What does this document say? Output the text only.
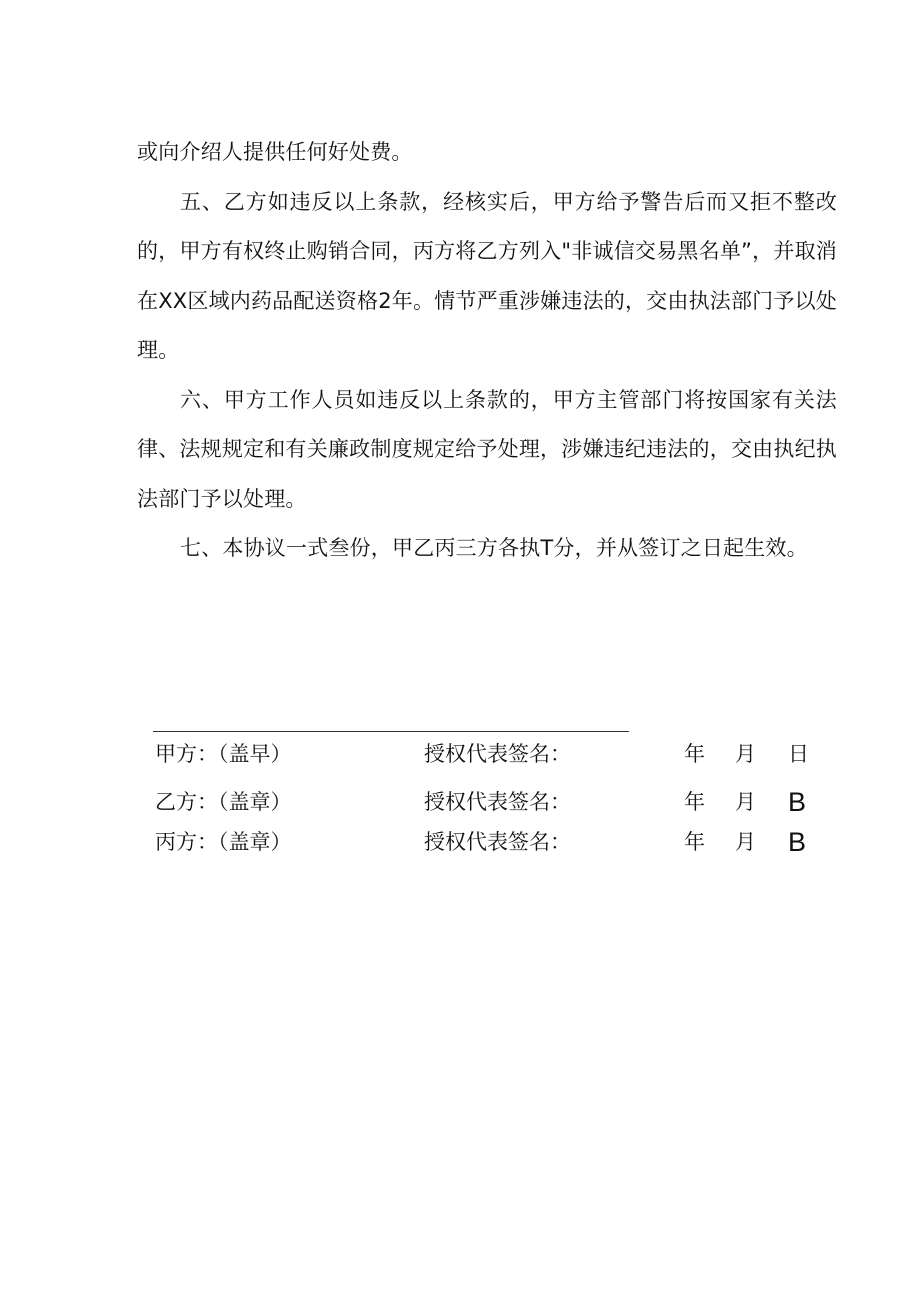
或向介绍人提供任何好处费。

五、乙方如违反以上条款，经核实后，甲方给予警告后而又拒不整改的，甲方有权终止购销合同，丙方将乙方列入"非诚信交易黑名单”，并取消在XX区域内药品配送资格2年。情节严重涉嫌违法的，交由执法部门予以处理。

六、甲方工作人员如违反以上条款的，甲方主管部门将按国家有关法律、法规规定和有关廉政制度规定给予处理，涉嫌违纪违法的，交由执纪执法部门予以处理。

七、本协议一式叁份，甲乙丙三方各执T分，并从签订之日起生效。

甲方：（盖早）	授权代表签名：	年 月 日
乙方：（盖章）	授权代表签名：	年 月 B
丙方：（盖章）	授权代表签名：	年 月 B
